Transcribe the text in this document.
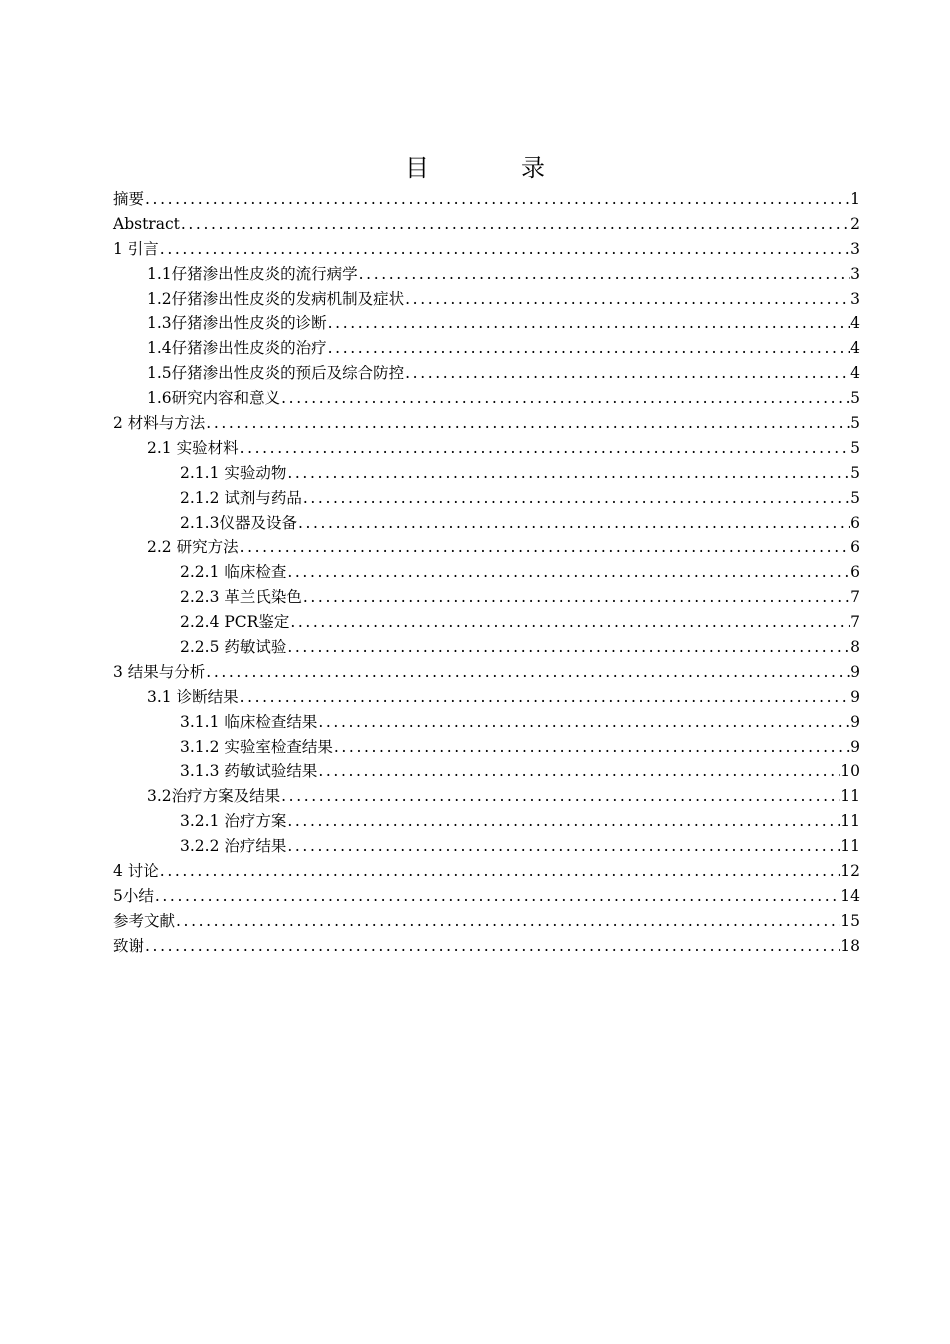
目　录
摘要 .....	1
Abstract .....	2
1 引言 .....	3
1.1仔猪渗出性皮炎的流行病学 .....	3
1.2仔猪渗出性皮炎的发病机制及症状 .....	3
1.3仔猪渗出性皮炎的诊断 .....	4
1.4仔猪渗出性皮炎的治疗 .....	4
1.5仔猪渗出性皮炎的预后及综合防控 .....	4
1.6研究内容和意义 .....	5
2 材料与方法 .....	5
2.1 实验材料 .....	5
2.1.1 实验动物 .....	5
2.1.2 试剂与药品 .....	5
2.1.3仪器及设备 .....	6
2.2 研究方法 .....	6
2.2.1 临床检查 .....	6
2.2.3 革兰氏染色 .....	7
2.2.4 PCR鉴定 .....	7
2.2.5 药敏试验 .....	8
3 结果与分析 .....	9
3.1 诊断结果 .....	9
3.1.1 临床检查结果 .....	9
3.1.2 实验室检查结果 .....	9
3.1.3 药敏试验结果 .....	10
3.2治疗方案及结果 .....	11
3.2.1 治疗方案 .....	11
3.2.2 治疗结果 .....	11
4 讨论 .....	12
5小结 .....	14
参考文献 .....	15
致谢 .....	18
